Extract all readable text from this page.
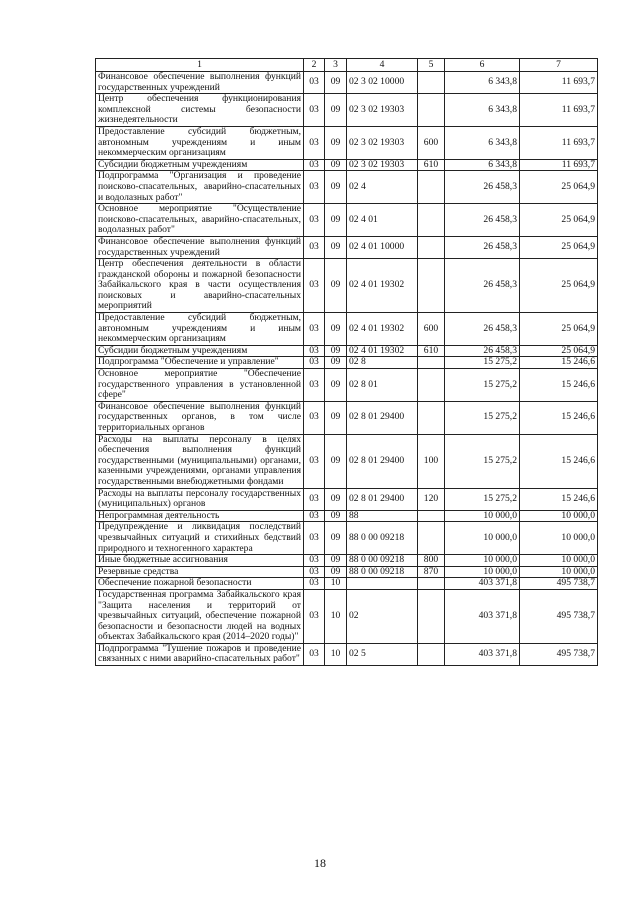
1	2	3	4	5	6	7
Финансовое обеспечение выполнения функций государственных учреждений	03	09	02 3 02 10000		6 343,8	11 693,7
Центр обеспечения функционирования комплексной системы безопасности жизнедеятельности	03	09	02 3 02 19303		6 343,8	11 693,7
Предоставление субсидий бюджетным, автономным учреждениям и иным некоммерческим организациям	03	09	02 3 02 19303	600	6 343,8	11 693,7
Субсидии бюджетным учреждениям	03	09	02 3 02 19303	610	6 343,8	11 693,7
Подпрограмма "Организация и проведение поисково-спасательных, аварийно-спасательных и водолазных работ"	03	09	02 4		26 458,3	25 064,9
Основное мероприятие "Осуществление поисково-спасательных, аварийно-спасательных, водолазных работ"	03	09	02 4 01		26 458,3	25 064,9
Финансовое обеспечение выполнения функций государственных учреждений	03	09	02 4 01 10000		26 458,3	25 064,9
Центр обеспечения деятельности в области гражданской обороны и пожарной безопасности Забайкальского края в части осуществления поисковых и аварийно-спасательных мероприятий	03	09	02 4 01 19302		26 458,3	25 064,9
Предоставление субсидий бюджетным, автономным учреждениям и иным некоммерческим организациям	03	09	02 4 01 19302	600	26 458,3	25 064,9
Субсидии бюджетным учреждениям	03	09	02 4 01 19302	610	26 458,3	25 064,9
Подпрограмма "Обеспечение и управление"	03	09	02 8		15 275,2	15 246,6
Основное мероприятие "Обеспечение государственного управления в установленной сфере"	03	09	02 8 01		15 275,2	15 246,6
Финансовое обеспечение выполнения функций государственных органов, в том числе территориальных органов	03	09	02 8 01 29400		15 275,2	15 246,6
Расходы на выплаты персоналу в целях обеспечения выполнения функций государственными (муниципальными) органами, казенными учреждениями, органами управления государственными внебюджетными фондами	03	09	02 8 01 29400	100	15 275,2	15 246,6
Расходы на выплаты персоналу государственных (муниципальных) органов	03	09	02 8 01 29400	120	15 275,2	15 246,6
Непрограммная деятельность	03	09	88		10 000,0	10 000,0
Предупреждение и ликвидация последствий чрезвычайных ситуаций и стихийных бедствий природного и техногенного характера	03	09	88 0 00 09218		10 000,0	10 000,0
Иные бюджетные ассигнования	03	09	88 0 00 09218	800	10 000,0	10 000,0
Резервные средства	03	09	88 0 00 09218	870	10 000,0	10 000,0
Обеспечение пожарной безопасности	03	10			403 371,8	495 738,7
Государственная программа Забайкальского края "Защита населения и территорий от чрезвычайных ситуаций, обеспечение пожарной безопасности и безопасности людей на водных объектах Забайкальского края (2014–2020 годы)"	03	10	02		403 371,8	495 738,7
Подпрограмма "Тушение пожаров и проведение связанных с ними аварийно-спасательных работ"	03	10	02 5		403 371,8	495 738,7
18
